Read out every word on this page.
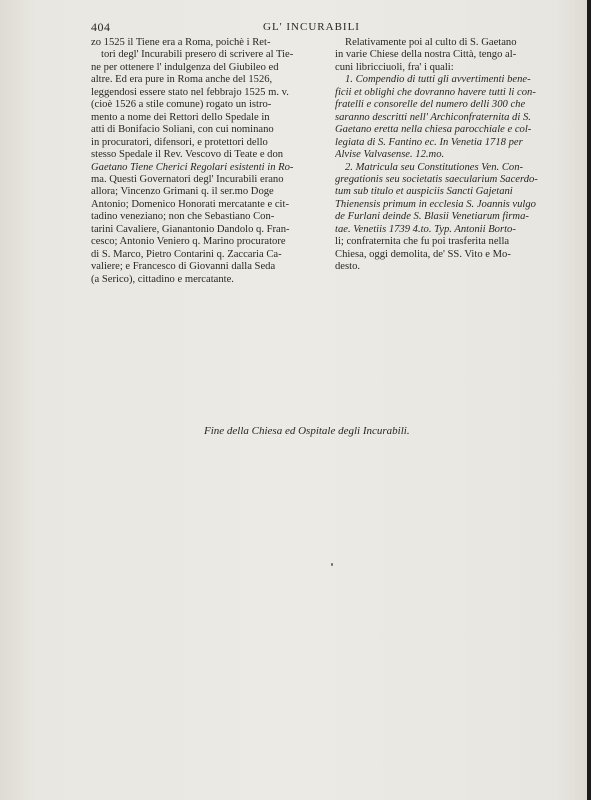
404	GL' INCURABILI
zo 1525 il Tiene era a Roma, poichè i Ret-
tori degl' Incurabili presero di scrivere al Tie-
ne per ottenere l' indulgenza del Giubileo ed
altre. Ed era pure in Roma anche del 1526,
leggendosi essere stato nel febbrajo 1525 m. v.
(cioè 1526 a stile comune) rogato un istro-
mento a nome dei Rettori dello Spedale in
atti di Bonifacio Soliani, con cui nominano
in procuratori, difensori, e protettori dello
stesso Spedale il Rev. Vescovo di Teate e don
Gaetano Tiene Cherici Regolari esistenti in Ro-
ma. Questi Governatori degl' Incurabili erano
allora; Vincenzo Grimani q. il ser.mo Doge
Antonio; Domenico Honorati mercatante e cit-
tadino veneziano; non che Sebastiano Con-
tarini Cavaliere, Gianantonio Dandolo q. Fran-
cesco; Antonio Veniero q. Marino procuratore
di S. Marco, Pietro Contarini q. Zaccaria Ca-
valiere; e Francesco di Giovanni dalla Seda
(a Serico), cittadino e mercatante.
Relativamente poi al culto di S. Gaetano
in varie Chiese della nostra Città, tengo al-
cuni libricciuoli, fra' i quali:
1. Compendio di tutti gli avvertimenti bene-
ficii et oblighi che dovranno havere tutti li con-
fratelli e consorelle del numero delli 300 che
saranno descritti nell' Archiconfraternita di S.
Gaetano eretta nella chiesa parocchiale e col-
legiata di S. Fantino ec. In Venetia 1718 per
Alvise Valvasense. 12.mo.
2. Matricula seu Constitutiones Ven. Con-
gregationis seu societatis saecularium Sacerdo-
tum sub titulo et auspiciis Sancti Gajetani
Thienensis primum in ecclesia S. Joannis vulgo
de Furlani deinde S. Blasii Venetiarum firma-
tae. Venetiis 1739 4.to. Typ. Antonii Borto-
li; confraternita che fu poi trasferita nella
Chiesa, oggi demolita, de' SS. Vito e Mo-
desto.
Fine della Chiesa ed Ospitale degli Incurabili.
